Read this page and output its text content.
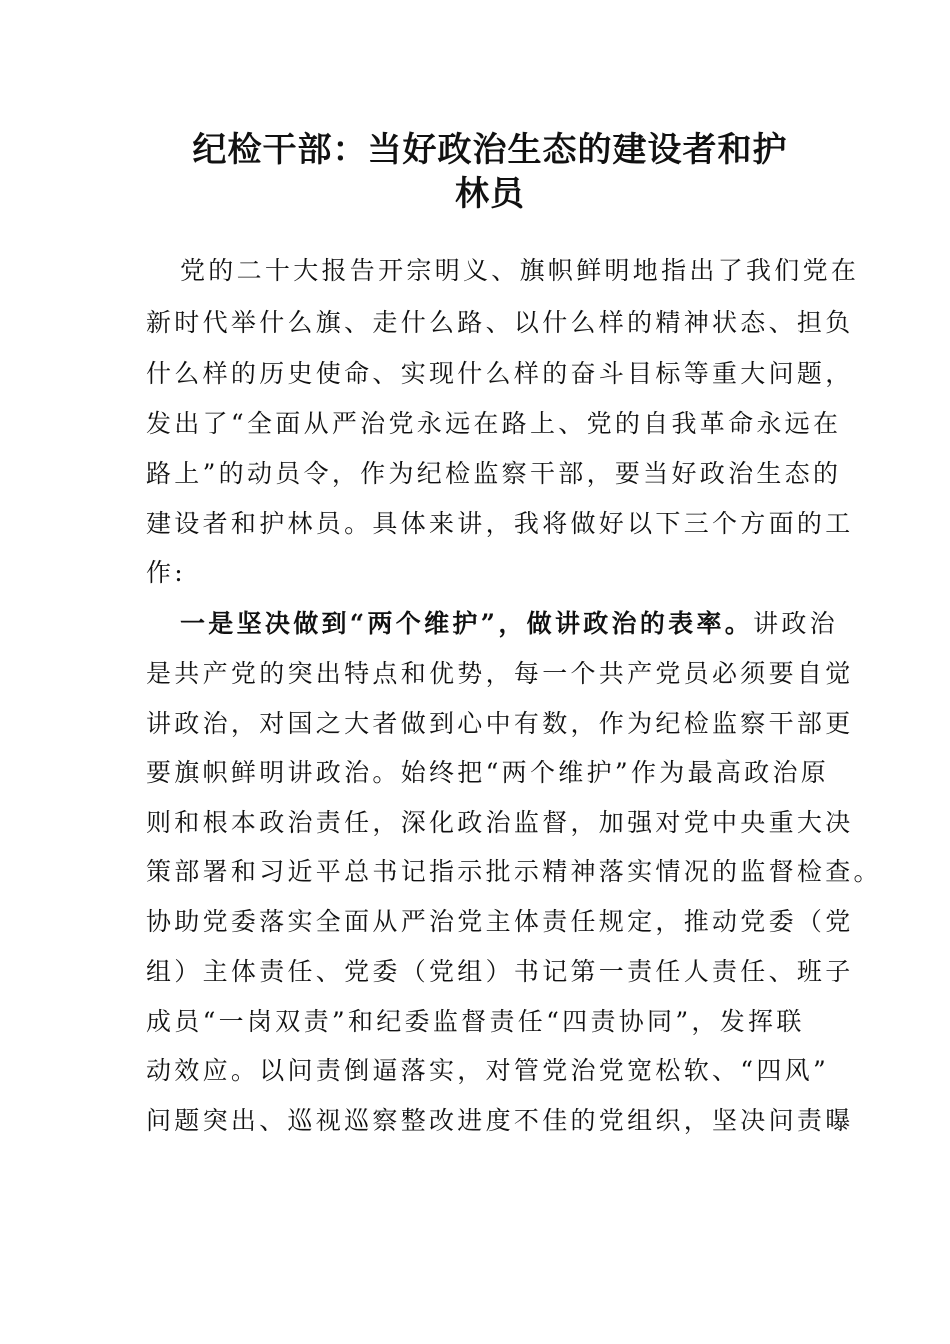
纪检干部：当好政治生态的建设者和护
林员

党的二十大报告开宗明义、旗帜鲜明地指出了我们党在

新时代举什么旗、走什么路、以什么样的精神状态、担负

什么样的历史使命、实现什么样的奋斗目标等重大问题，

发出了“全面从严治党永远在路上、党的自我革命永远在

路上”的动员令，作为纪检监察干部，要当好政治生态的

建设者和护林员。具体来讲，我将做好以下三个方面的工

作:

一是坚决做到“两个维护”，做讲政治的表率。讲政治

是共产党的突出特点和优势，每一个共产党员必须要自觉

讲政治，对国之大者做到心中有数，作为纪检监察干部更

要旗帜鲜明讲政治。始终把“两个维护”作为最高政治原

则和根本政治责任，深化政治监督，加强对党中央重大决

策部署和习近平总书记指示批示精神落实情况的监督检查。

协助党委落实全面从严治党主体责任规定，推动党委（党

组）主体责任、党委（党组）书记第一责任人责任、班子

成员“一岗双责”和纪委监督责任“四责协同”，发挥联

动效应。以问责倒逼落实，对管党治党宽松软、“四风”

问题突出、巡视巡察整改进度不佳的党组织，坚决问责曝
